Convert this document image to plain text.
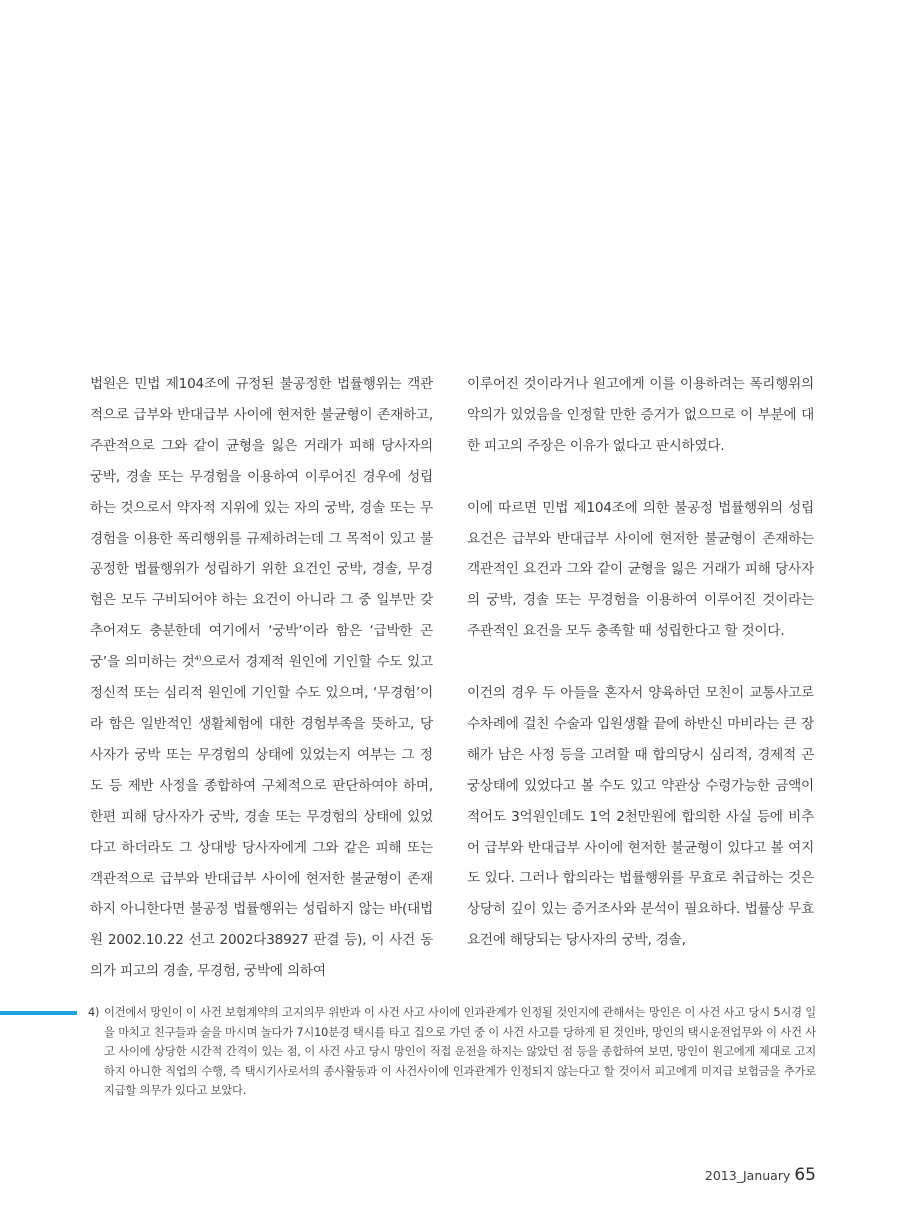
법원은 민법 제104조에 규정된 불공정한 법률행위는 객관적으로 급부와 반대급부 사이에 현저한 불균형이 존재하고, 주관적으로 그와 같이 균형을 잃은 거래가 피해 당사자의 궁박, 경솔 또는 무경험을 이용하여 이루어진 경우에 성립하는 것으로서 약자적 지위에 있는 자의 궁박, 경솔 또는 무경험을 이용한 폭리행위를 규제하려는데 그 목적이 있고 불공정한 법률행위가 성립하기 위한 요건인 궁박, 경솔, 무경험은 모두 구비되어야 하는 요건이 아니라 그 중 일부만 갖추어져도 충분한데 여기에서 ‘궁박’이라 함은 ‘급박한 곤궁’을 의미하는 것$^{4)}$으로서 경제적 원인에 기인할 수도 있고 정신적 또는 심리적 원인에 기인할 수도 있으며, ‘무경험’이라 함은 일반적인 생활체험에 대한 경험부족을 뜻하고, 당사자가 궁박 또는 무경험의 상태에 있었는지 여부는 그 정도 등 제반 사정을 종합하여 구체적으로 판단하여야 하며, 한편 피해 당사자가 궁박, 경솔 또는 무경험의 상태에 있었다고 하더라도 그 상대방 당사자에게 그와 같은 피해 또는 객관적으로 급부와 반대급부 사이에 현저한 불균형이 존재하지 아니한다면 불공정 법률행위는 성립하지 않는 바(대법원 2002.10.22 선고 2002다38927 판결 등), 이 사건 동의가 피고의 경솔, 무경험, 궁박에 의하여

이루어진 것이라거나 원고에게 이를 이용하려는 폭리행위의 악의가 있었음을 인정할 만한 증거가 없으므로 이 부분에 대한 피고의 주장은 이유가 없다고 판시하였다.

이에 따르면 민법 제104조에 의한 불공정 법률행위의 성립요건은 급부와 반대급부 사이에 현저한 불균형이 존재하는 객관적인 요건과 그와 같이 균형을 잃은 거래가 피해 당사자의 궁박, 경솔 또는 무경험을 이용하여 이루어진 것이라는 주관적인 요건을 모두 충족할 때 성립한다고 할 것이다.

이건의 경우 두 아들을 혼자서 양육하던 모친이 교통사고로 수차례에 걸친 수술과 입원생활 끝에 하반신 마비라는 큰 장해가 남은 사정 등을 고려할 때 합의당시 심리적, 경제적 곤궁상태에 있었다고 볼 수도 있고 약관상 수령가능한 금액이 적어도 3억원인데도 1억 2천만원에 합의한 사실 등에 비추어 급부와 반대급부 사이에 현저한 불균형이 있다고 볼 여지도 있다. 그러나 합의라는 법률행위를 무효로 취급하는 것은 상당히 깊이 있는 증거조사와 분석이 필요하다. 법률상 무효요건에 해당되는 당사자의 궁박, 경솔,

4) 이건에서 망인이 이 사건 보험계약의 고지의무 위반과 이 사건 사고 사이에 인과관계가 인정될 것인지에 관해서는 망인은 이 사건 사고 당시 5시경 일을 마치고 친구들과 술을 마시며 놀다가 7시10분경 택시를 타고 집으로 가던 중 이 사건 사고를 당하게 된 것인바, 망인의 택시운전업무와 이 사건 사고 사이에 상당한 시간적 간격이 있는 점, 이 사건 사고 당시 망인이 직접 운전을 하지는 않았던 점 등을 종합하여 보면, 망인이 원고에게 제대로 고지하지 아니한 직업의 수행, 즉 택시기사로서의 종사활동과 이 사건사이에 인과관계가 인정되지 않는다고 할 것이서 피고에게 미지급 보험금을 추가로 지급할 의무가 있다고 보았다.
2013_January 65
